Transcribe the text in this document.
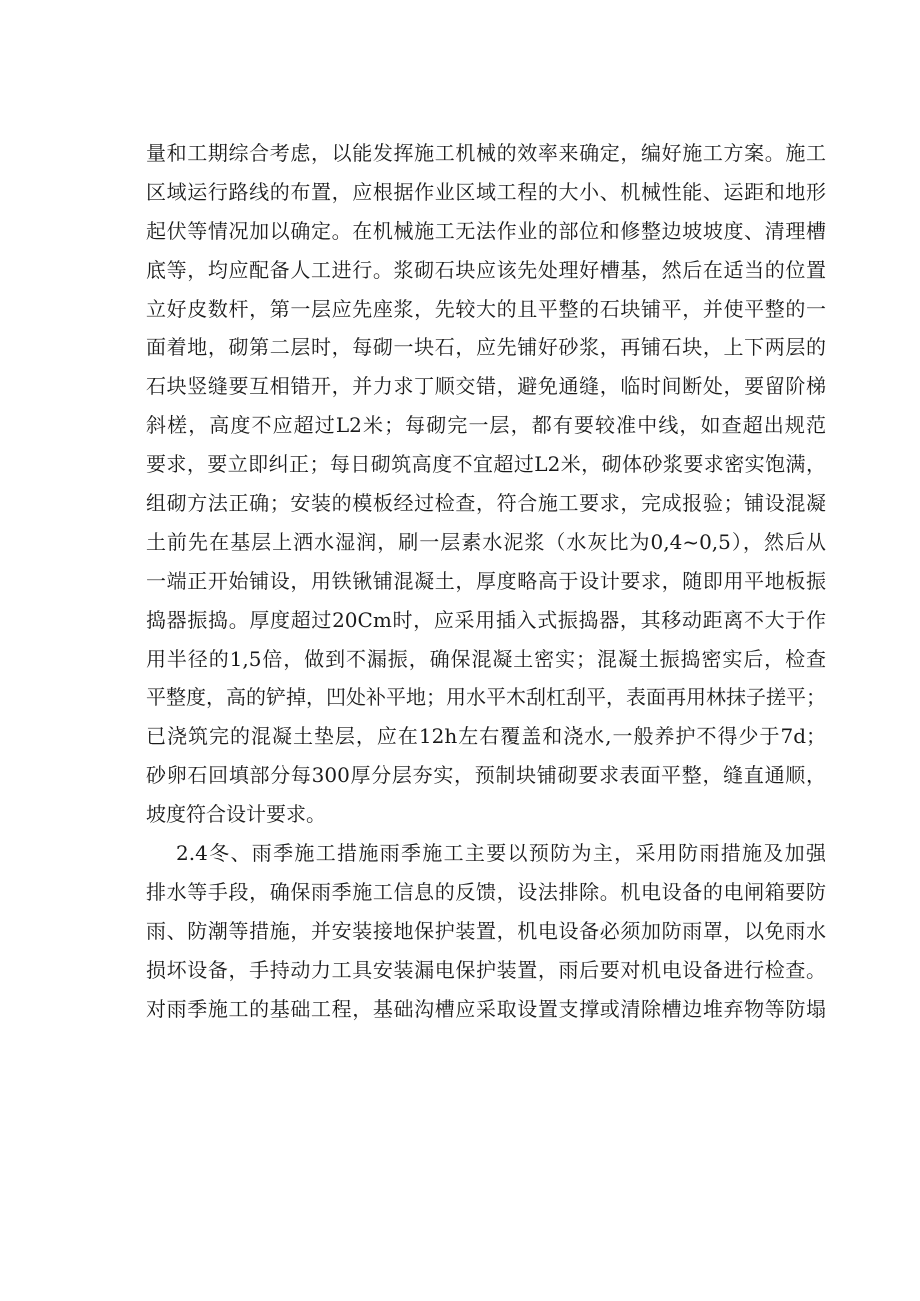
量和工期综合考虑，以能发挥施工机械的效率来确定，编好施工方案。施工
区域运行路线的布置，应根据作业区域工程的大小、机械性能、运距和地形
起伏等情况加以确定。在机械施工无法作业的部位和修整边坡坡度、清理槽
底等，均应配备人工进行。浆砌石块应该先处理好槽基，然后在适当的位置
立好皮数杆，第一层应先座浆，先较大的且平整的石块铺平，并使平整的一
面着地，砌第二层时，每砌一块石，应先铺好砂浆，再铺石块，上下两层的
石块竖缝要互相错开，并力求丁顺交错，避免通缝，临时间断处，要留阶梯
斜槎，高度不应超过L2米；每砌完一层，都有要较准中线，如查超出规范
要求，要立即纠正；每日砌筑高度不宜超过L2米，砌体砂浆要求密实饱满，
组砌方法正确；安装的模板经过检查，符合施工要求，完成报验；铺设混凝
土前先在基层上洒水湿润，刷一层素水泥浆（水灰比为0,4~0,5），然后从
一端正开始铺设，用铁锹铺混凝土，厚度略高于设计要求，随即用平地板振
捣器振捣。厚度超过20Cm时，应采用插入式振捣器，其移动距离不大于作
用半径的1,5倍，做到不漏振，确保混凝土密实；混凝土振捣密实后，检查
平整度，高的铲掉，凹处补平地；用水平木刮杠刮平，表面再用林抹子搓平；
已浇筑完的混凝土垫层，应在12h左右覆盖和浇水,一般养护不得少于7d；
砂卵石回填部分每300厚分层夯实，预制块铺砌要求表面平整，缝直通顺，
坡度符合设计要求。
2.4冬、雨季施工措施雨季施工主要以预防为主，采用防雨措施及加强
排水等手段，确保雨季施工信息的反馈，设法排除。机电设备的电闸箱要防
雨、防潮等措施，并安装接地保护装置，机电设备必须加防雨罩，以免雨水
损坏设备，手持动力工具安装漏电保护装置，雨后要对机电设备进行检查。
对雨季施工的基础工程，基础沟槽应采取设置支撑或清除槽边堆弃物等防塌
